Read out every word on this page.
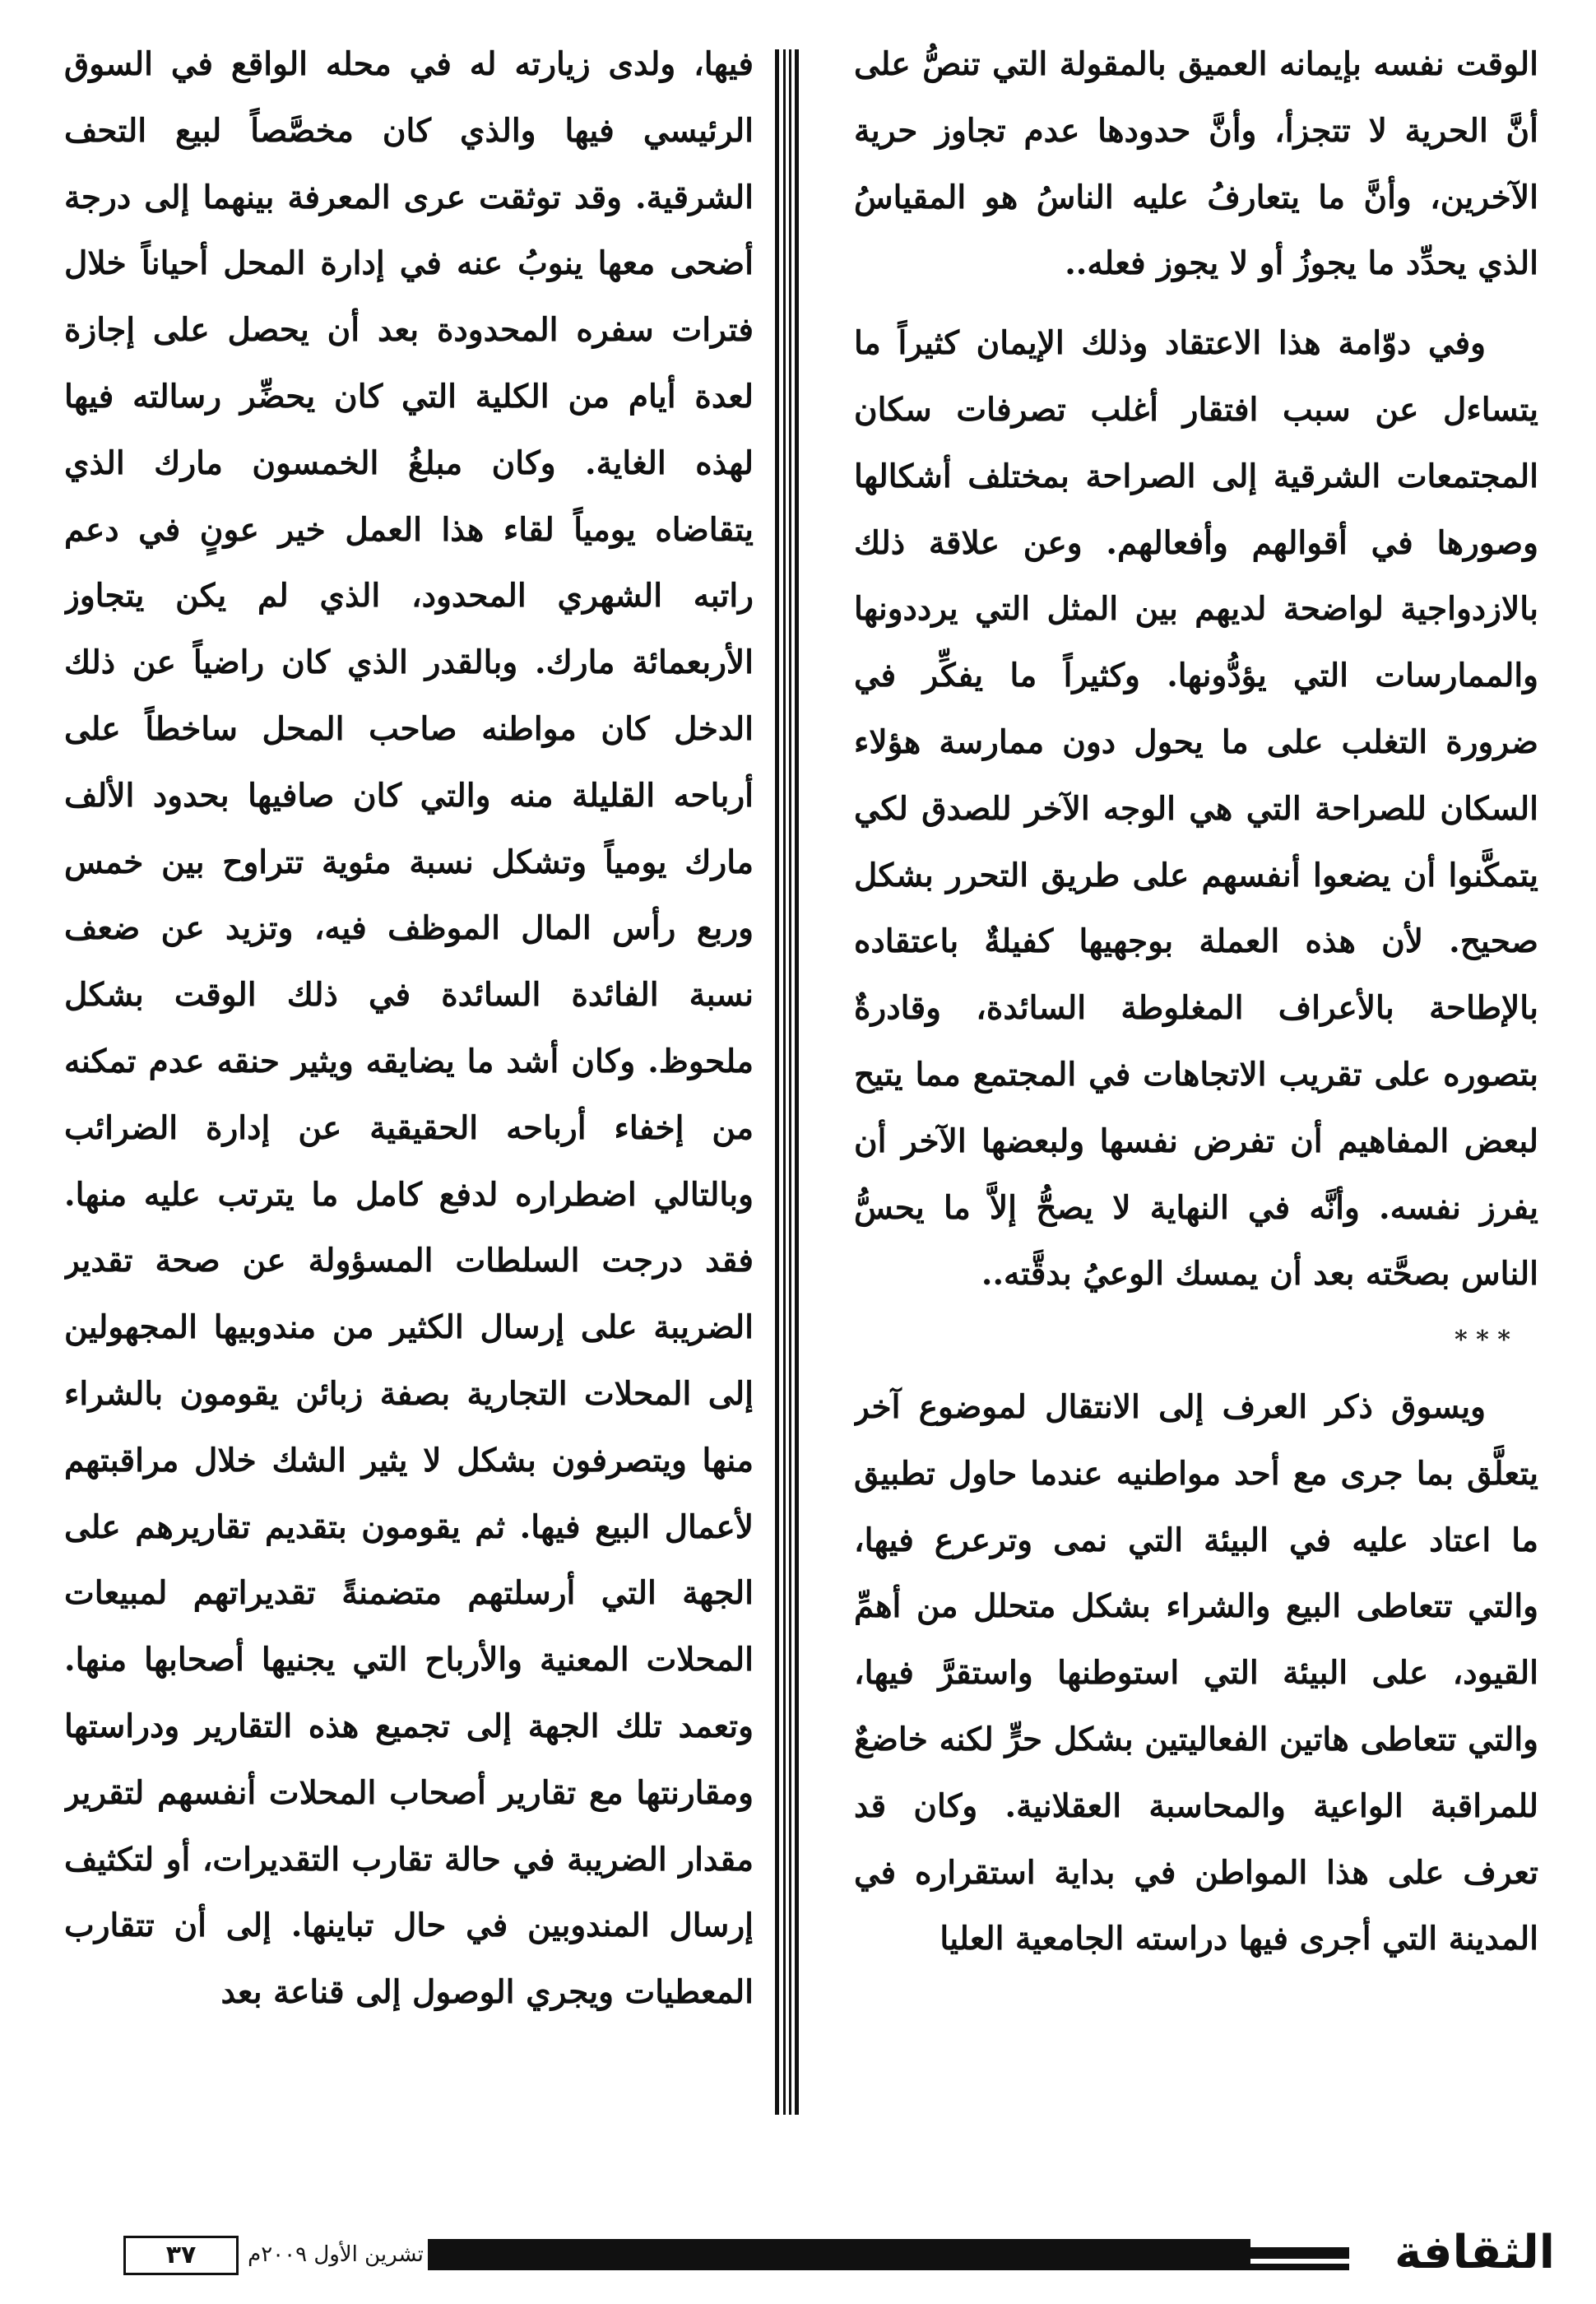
الوقت نفسه بإيمانه العميق بالمقولة التي تنصُّ على أنَّ الحرية لا تتجزأ، وأنَّ حدودها عدم تجاوز حرية الآخرين، وأنَّ ما يتعارفُ عليه الناسُ هو المقياسُ الذي يحدِّد ما يجوزُ أو لا يجوز فعله..

وفي دوّامة هذا الاعتقاد وذلك الإيمان كثيراً ما يتساءل عن سبب افتقار أغلب تصرفات سكان المجتمعات الشرقية إلى الصراحة بمختلف أشكالها وصورها في أقوالهم وأفعالهم. وعن علاقة ذلك بالازدواجية لواضحة لديهم بين المثل التي يرددونها والممارسات التي يؤدُّونها. وكثيراً ما يفكِّر في ضرورة التغلب على ما يحول دون ممارسة هؤلاء السكان للصراحة التي هي الوجه الآخر للصدق لكي يتمكَّنوا أن يضعوا أنفسهم على طريق التحرر بشكل صحيح. لأن هذه العملة بوجهيها كفيلةٌ باعتقاده بالإطاحة بالأعراف المغلوطة السائدة، وقادرةٌ بتصوره على تقريب الاتجاهات في المجتمع مما يتيح لبعض المفاهيم أن تفرض نفسها ولبعضها الآخر أن يفرز نفسه. وأنَّه في النهاية لا يصحُّ إلاَّ ما يحسُّ الناس بصحَّته بعد أن يمسك الوعيُ بدقَّته..

* * *

ويسوق ذكر العرف إلى الانتقال لموضوع آخر يتعلَّق بما جرى مع أحد مواطنيه عندما حاول تطبيق ما اعتاد عليه في البيئة التي نمى وترعرع فيها، والتي تتعاطى البيع والشراء بشكل متحلل من أهمِّ القيود، على البيئة التي استوطنها واستقرَّ فيها، والتي تتعاطى هاتين الفعاليتين بشكل حرٍّ لكنه خاضعٌ للمراقبة الواعية والمحاسبة العقلانية. وكان قد تعرف على هذا المواطن في بداية استقراره في المدينة التي أجرى فيها دراسته الجامعية العليا

فيها، ولدى زيارته له في محله الواقع في السوق الرئيسي فيها والذي كان مخصَّصاً لبيع التحف الشرقية. وقد توثقت عرى المعرفة بينهما إلى درجة أضحى معها ينوبُ عنه في إدارة المحل أحياناً خلال فترات سفره المحدودة بعد أن يحصل على إجازة لعدة أيام من الكلية التي كان يحضِّر رسالته فيها لهذه الغاية. وكان مبلغُ الخمسون مارك الذي يتقاضاه يومياً لقاء هذا العمل خير عونٍ في دعم راتبه الشهري المحدود، الذي لم يكن يتجاوز الأربعمائة مارك. وبالقدر الذي كان راضياً عن ذلك الدخل كان مواطنه صاحب المحل ساخطاً على أرباحه القليلة منه والتي كان صافيها بحدود الألف مارك يومياً وتشكل نسبة مئوية تتراوح بين خمس وربع رأس المال الموظف فيه، وتزيد عن ضعف نسبة الفائدة السائدة في ذلك الوقت بشكل ملحوظ. وكان أشد ما يضايقه ويثير حنقه عدم تمكنه من إخفاء أرباحه الحقيقية عن إدارة الضرائب وبالتالي اضطراره لدفع كامل ما يترتب عليه منها. فقد درجت السلطات المسؤولة عن صحة تقدير الضريبة على إرسال الكثير من مندوبيها المجهولين إلى المحلات التجارية بصفة زبائن يقومون بالشراء منها ويتصرفون بشكل لا يثير الشك خلال مراقبتهم لأعمال البيع فيها. ثم يقومون بتقديم تقاريرهم على الجهة التي أرسلتهم متضمنةً تقديراتهم لمبيعات المحلات المعنية والأرباح التي يجنيها أصحابها منها. وتعمد تلك الجهة إلى تجميع هذه التقارير ودراستها ومقارنتها مع تقارير أصحاب المحلات أنفسهم لتقرير مقدار الضريبة في حالة تقارب التقديرات، أو لتكثيف إرسال المندوبين في حال تباينها. إلى أن تتقارب المعطيات ويجري الوصول إلى قناعة بعد

٣٧	تشرين الأول ٢٠٠٩م	الثقافة
